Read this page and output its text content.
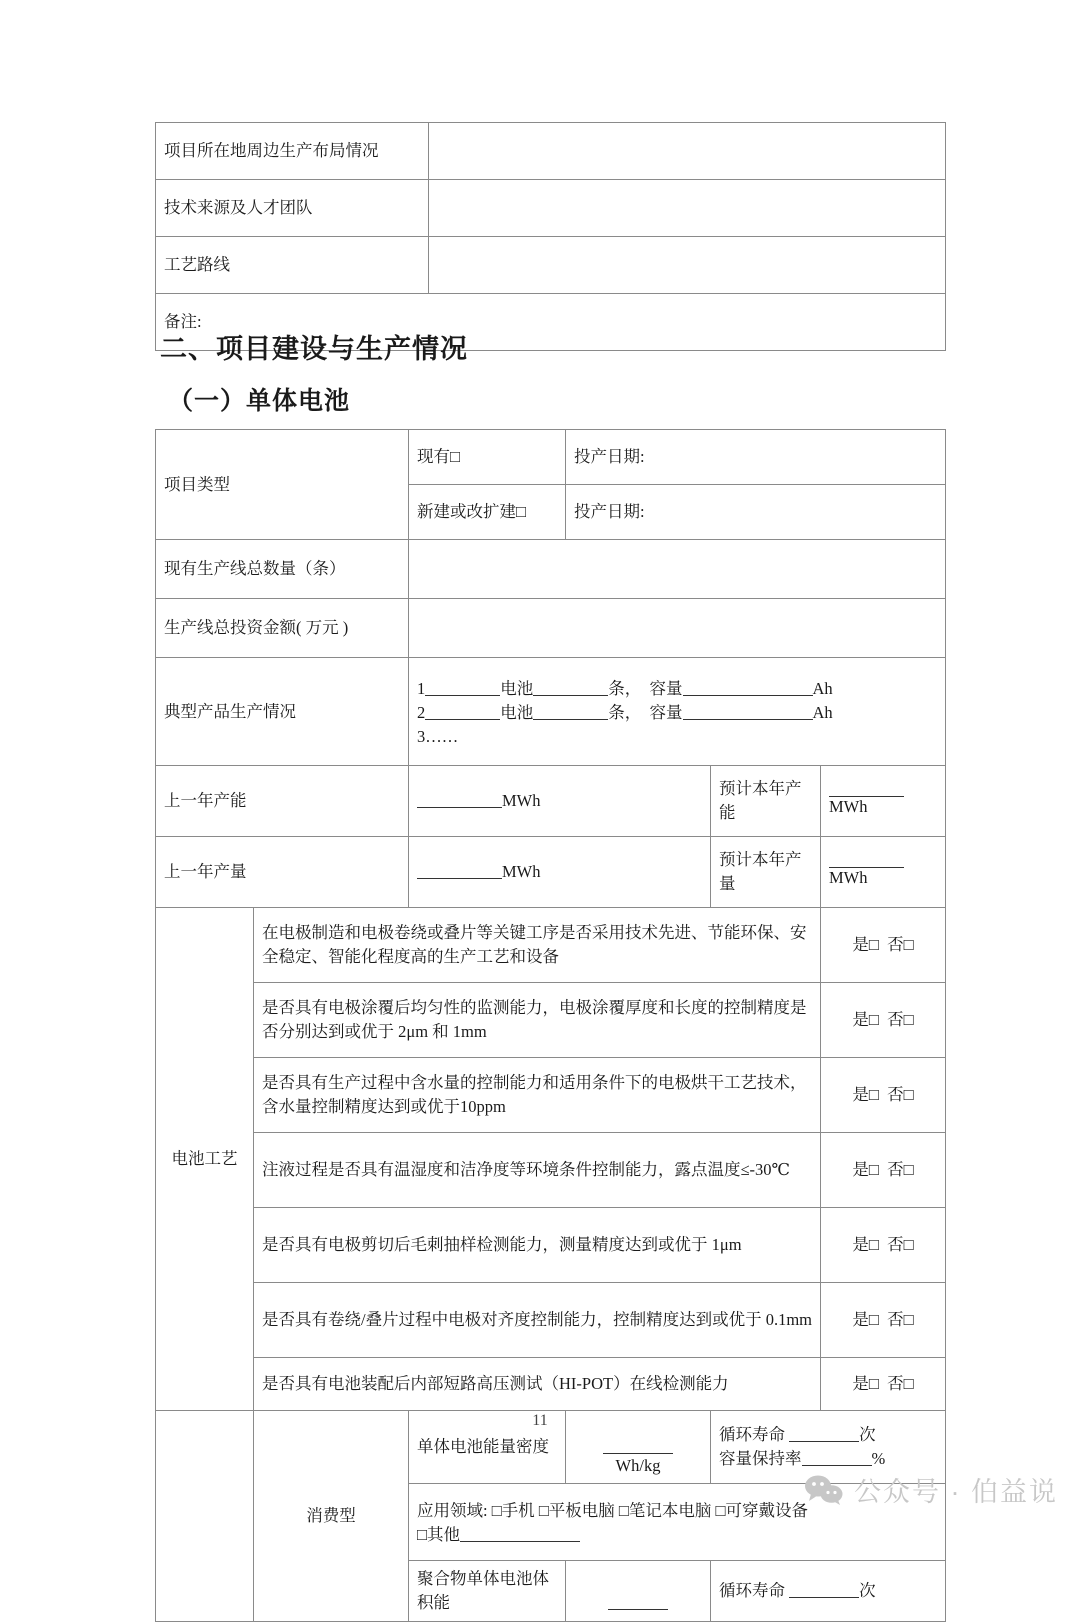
项目所在地周边生产布局情况	
技术来源及人才团队	
工艺路线	
备注:	
二、项目建设与生产情况
（一）单体电池
项目类型		现有□	投产日期:		
		新建或改扩建□	投产日期:		
现有生产线总数量（条）					
生产线总投资金额( 万元 )					
典型产品生产情况		1 电池 条， 容量 Ah
2 电池 条， 容量 Ah
3……			

上一年产能		MWh		预计本年产能	MWh
上一年产量		MWh		预计本年产量	MWh
电池工艺	在电极制造和电极卷绕或叠片等关键工序是否采用技术先进、节能环保、安全稳定、智能化程度高的生产工艺和设备				是□ 否□
	是否具有电极涂覆后均匀性的监测能力，电极涂覆厚度和长度的控制精度是否分别达到或优于 2μm 和 1mm				是□ 否□
	是否具有生产过程中含水量的控制能力和适用条件下的电极烘干工艺技术，含水量控制精度达到或优于10ppm				是□ 否□
	注液过程是否具有温湿度和洁净度等环境条件控制能力，露点温度≤-30℃				是□ 否□
	是否具有电极剪切后毛刺抽样检测能力，测量精度达到或优于 1μm				是□ 否□
	是否具有卷绕/叠片过程中电极对齐度控制能力，控制精度达到或优于 0.1mm				是□ 否□
	是否具有电池装配后内部短路高压测试（HI-POT）在线检测能力				是□ 否□
	消费型	单体电池能量密度	Wh/kg	循环寿命 次
容量保持率 %	

		应用领域: □手机 □平板电脑 □笔记本电脑 □可穿戴设备
□其他			

		聚合物单体电池体积能		循环寿命 次	
11
公众号 · 伯益说
